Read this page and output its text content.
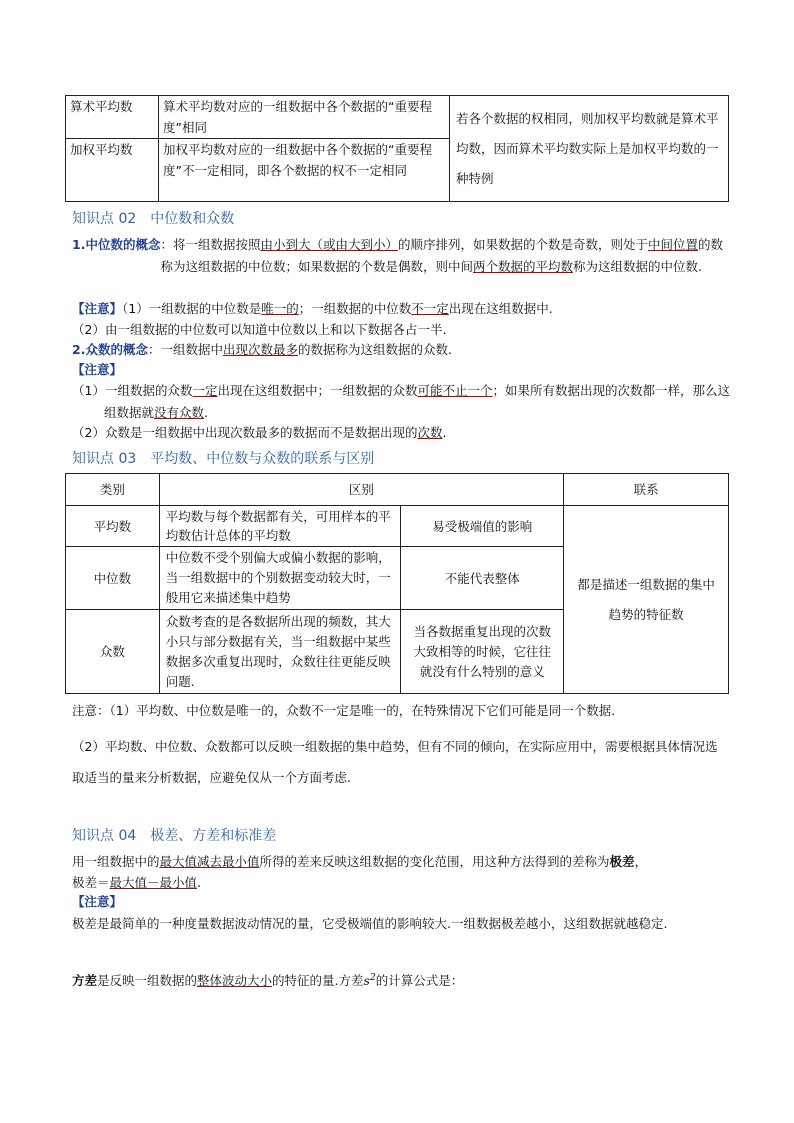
算术平均数	算术平均数对应的一组数据中各个数据的“重要程度”相同	若各个数据的权相同，则加权平均数就是算术平均数，因而算术平均数实际上是加权平均数的一种特例
加权平均数	加权平均数对应的一组数据中各个数据的“重要程度”不一定相同，即各个数据的权不一定相同	
知识点 02　中位数和众数
1.中位数的概念 ：将一组数据按照由小到大（或由大到小）的顺序排列，如果数据的个数是奇数，则处于中间位置的数称为这组数据的中位数；如果数据的个数是偶数，则中间两个数据的平均数称为这组数据的中位数.
【注意】（1）一组数据的中位数是唯一的；一组数据的中位数不一定出现在这组数据中.
（2）由一组数据的中位数可以知道中位数以上和以下数据各占一半.
2.众数的概念：一组数据中出现次数最多的数据称为这组数据的众数.
【注意】
（1）一组数据的众数一定出现在这组数据中；一组数据的众数可能不止一个；如果所有数据出现的次数都一样，那么这组数据就没有众数.
（2）众数是一组数据中出现次数最多的数据而不是数据出现的次数.
知识点 03　平均数、中位数与众数的联系与区别
类别	区别		联系
平均数	平均数与每个数据都有关，可用样本的平均数估计总体的平均数	易受极端值的影响	都是描述一组数据的集中趋势的特征数
中位数	中位数不受个别偏大或偏小数据的影响，当一组数据中的个别数据变动较大时，一般用它来描述集中趋势	不能代表整体	
众数	众数考查的是各数据所出现的频数，其大小只与部分数据有关，当一组数据中某些数据多次重复出现时，众数往往更能反映问题.	当各数据重复出现的次数大致相等的时候，它往往就没有什么特别的意义	
注意：（1）平均数、中位数是唯一的，众数不一定是唯一的，在特殊情况下它们可能是同一个数据.
（2）平均数、中位数、众数都可以反映一组数据的集中趋势，但有不同的倾向，在实际应用中，需要根据具体情况选取适当的量来分析数据，应避免仅从一个方面考虑.
知识点 04　极差、方差和标准差
用一组数据中的最大值减去最小值所得的差来反映这组数据的变化范围，用这种方法得到的差称为极差，
极差＝最大值－最小值.
【注意】
极差是最简单的一种度量数据波动情况的量，它受极端值的影响较大.一组数据极差越小，这组数据就越稳定.
方差是反映一组数据的整体波动大小的特征的量.方差$s^2$的计算公式是：
